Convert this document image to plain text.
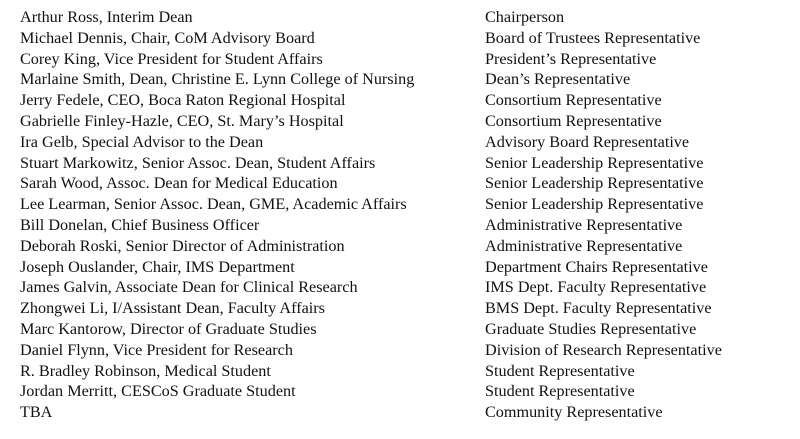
Arthur Ross, Interim Dean	Chairperson
Michael Dennis, Chair, CoM Advisory Board	Board of Trustees Representative
Corey King, Vice President for Student Affairs	President’s Representative
Marlaine Smith, Dean, Christine E. Lynn College of Nursing	Dean’s Representative
Jerry Fedele, CEO, Boca Raton Regional Hospital	Consortium Representative
Gabrielle Finley-Hazle, CEO, St. Mary’s Hospital	Consortium Representative
Ira Gelb, Special Advisor to the Dean	Advisory Board Representative
Stuart Markowitz, Senior Assoc. Dean, Student Affairs	Senior Leadership Representative
Sarah Wood, Assoc. Dean for Medical Education	Senior Leadership Representative
Lee Learman, Senior Assoc. Dean, GME, Academic Affairs	Senior Leadership Representative
Bill Donelan, Chief Business Officer	Administrative Representative
Deborah Roski, Senior Director of Administration	Administrative Representative
Joseph Ouslander, Chair, IMS Department	Department Chairs Representative
James Galvin, Associate Dean for Clinical Research	IMS Dept. Faculty Representative
Zhongwei Li, I/Assistant Dean, Faculty Affairs	BMS Dept. Faculty Representative
Marc Kantorow, Director of Graduate Studies	Graduate Studies Representative
Daniel Flynn, Vice President for Research	Division of Research Representative
R. Bradley Robinson, Medical Student	Student Representative
Jordan Merritt, CESCoS Graduate Student	Student Representative
TBA	Community Representative
